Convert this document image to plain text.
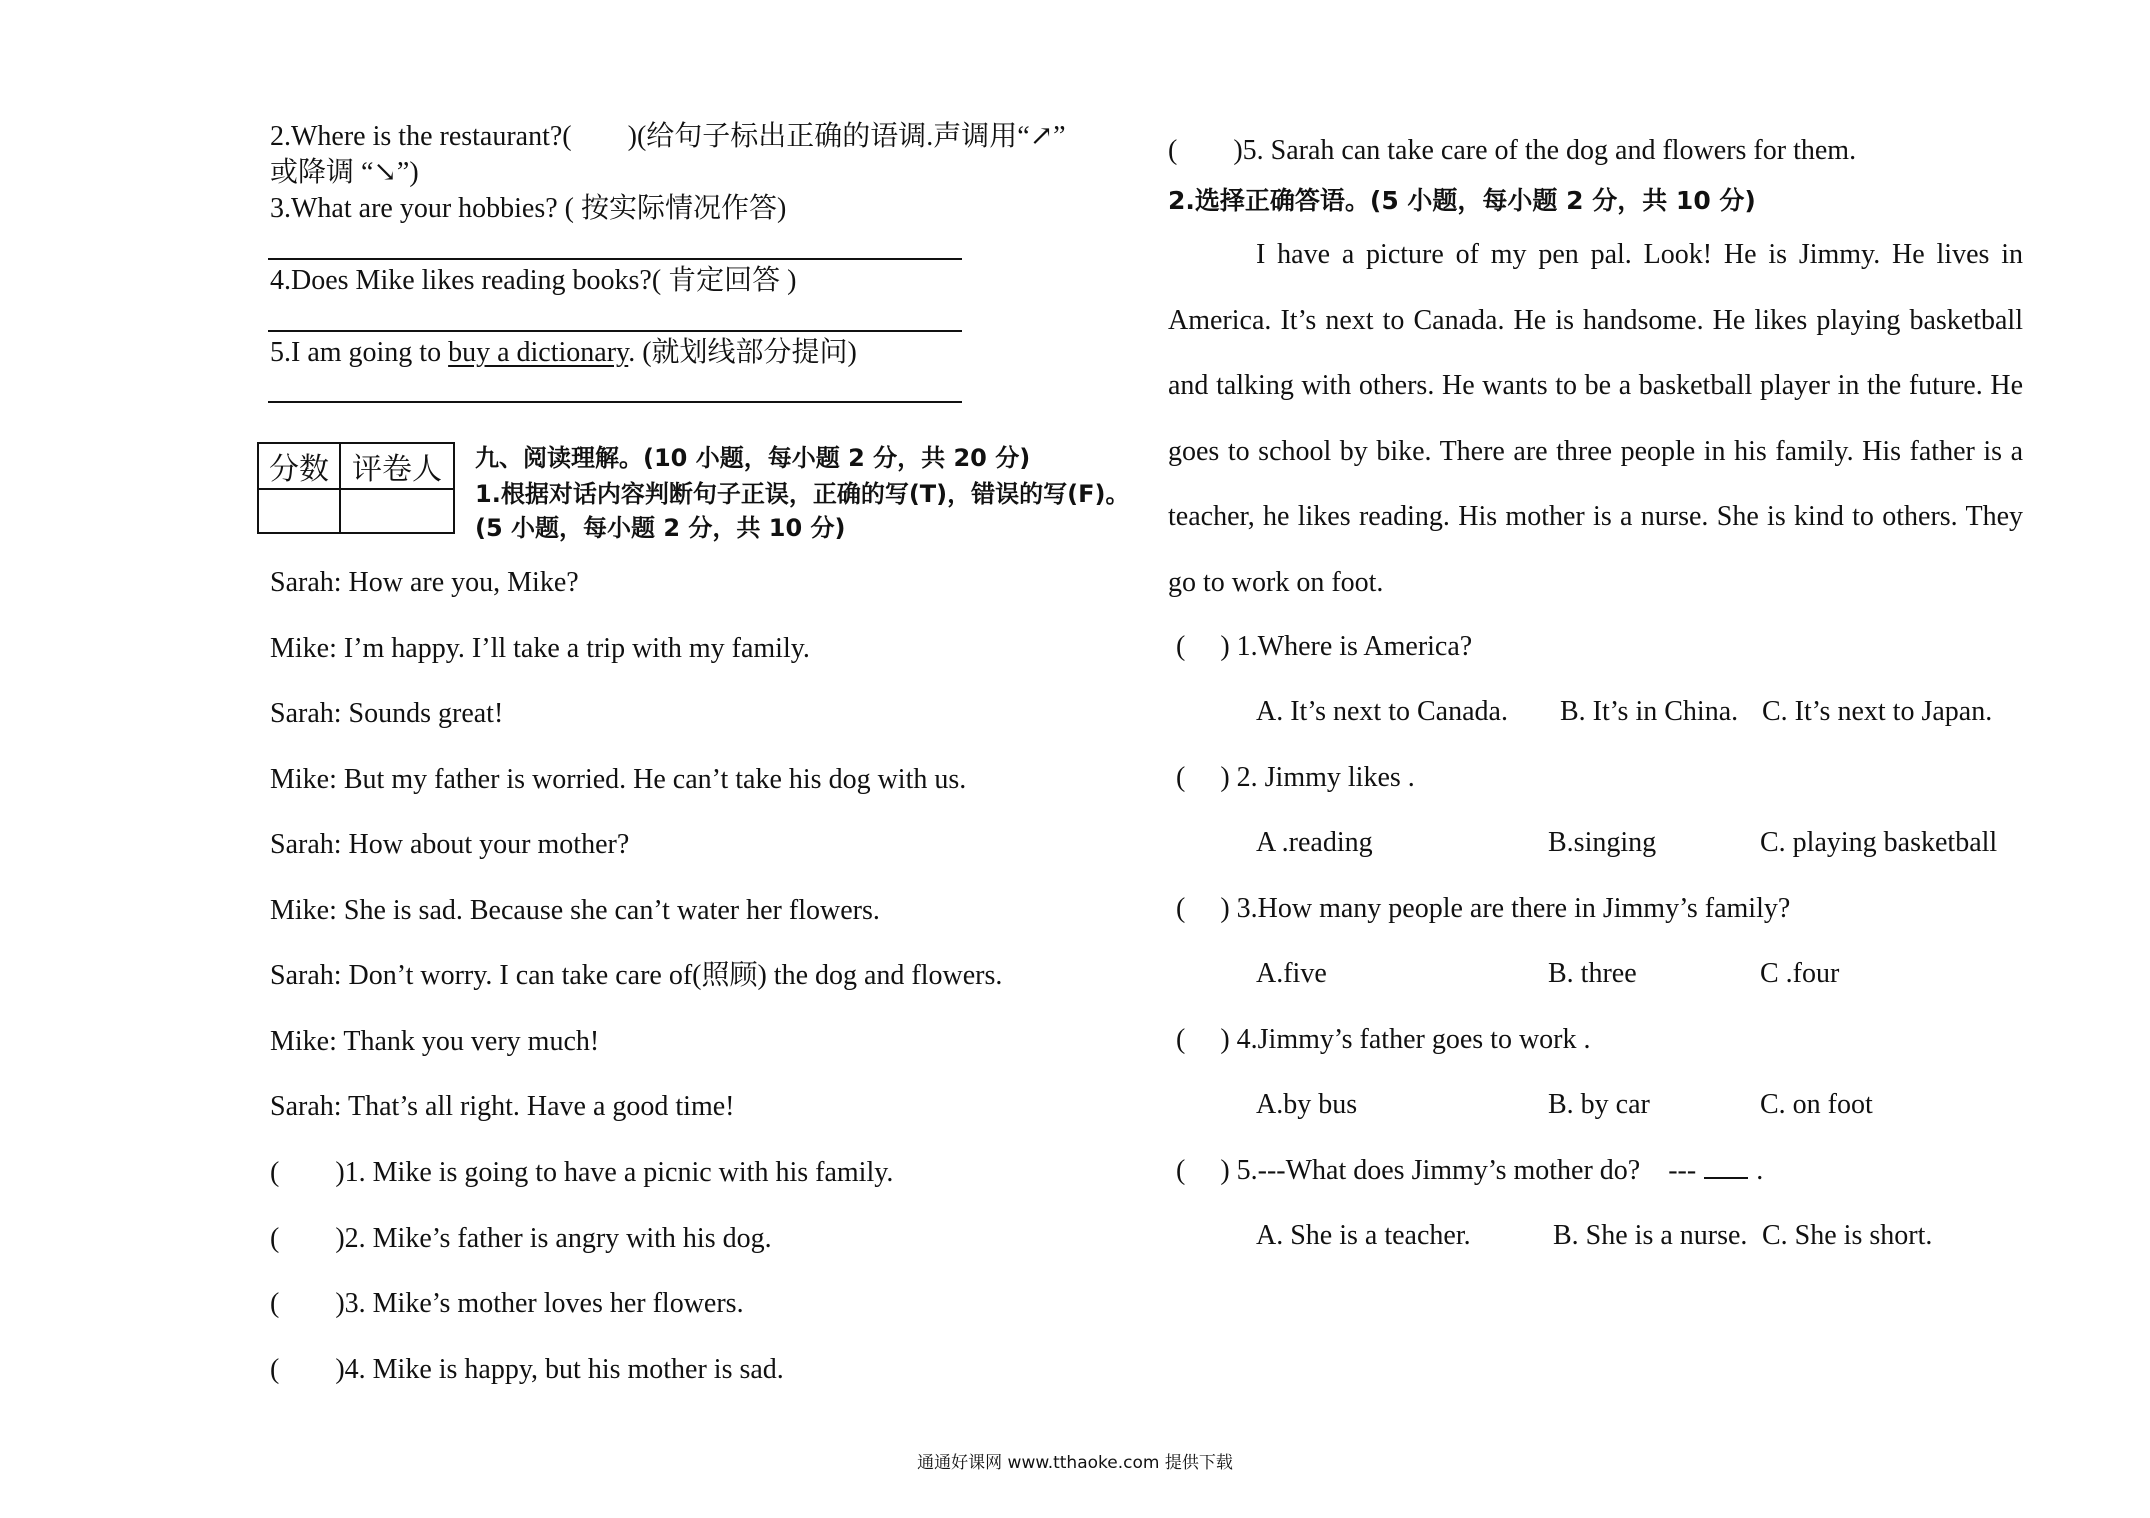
2.Where is the restaurant?(　　)(给句子标出正确的语调.声调用“↗”
或降调 “↘”)
3.What are your hobbies? ( 按实际情况作答)
4.Does Mike likes reading books?( 肯定回答 )
5.I am going to buy a dictionary. (就划线部分提问)
分数	评卷人
	九、阅读理解。(10 小题，每小题 2 分，共 20 分)
1.根据对话内容判断句子正误，正确的写(T)，错误的写(F)。
(5 小题，每小题 2 分，共 10 分)
Sarah: How are you, Mike?
Mike: I’m happy. I’ll take a trip with my family.
Sarah: Sounds great!
Mike: But my father is worried. He can’t take his dog with us.
Sarah: How about your mother?
Mike: She is sad. Because she can’t water her flowers.
Sarah: Don’t worry. I can take care of(照顾) the dog and flowers.
Mike: Thank you very much!
Sarah: That’s all right. Have a good time!
(　　)1. Mike is going to have a picnic with his family.
(　　)2. Mike’s father is angry with his dog.
(　　)3. Mike’s mother loves her flowers.
(　　)4. Mike is happy, but his mother is sad.
(　　)5. Sarah can take care of the dog and flowers for them.
2.选择正确答语。(5 小题，每小题 2 分，共 10 分)
I have a picture of my pen pal. Look! He is Jimmy. He lives in America. It’s next to Canada. He is handsome. He likes playing basketball and talking with others. He wants to be a basketball player in the future. He goes to school by bike. There are three people in his family. His father is a teacher, he likes reading. His mother is a nurse. She is kind to others. They go to work on foot.
(　 ) 1.Where is America?
A. It’s next to Canada. B. It’s in China. C. It’s next to Japan.
(　 ) 2. Jimmy likes .
A .reading	B.singing	C. playing basketball
(　 ) 3.How many people are there in Jimmy’s family?
A.five	B. three	C .four
(　 ) 4.Jimmy’s father goes to work .
A.by bus	B. by car	C. on foot
(　 ) 5.---What does Jimmy’s mother do?　--- .
A. She is a teacher.	B. She is a nurse. C. She is short.
通通好课网 www.tthaoke.com 提供下载
